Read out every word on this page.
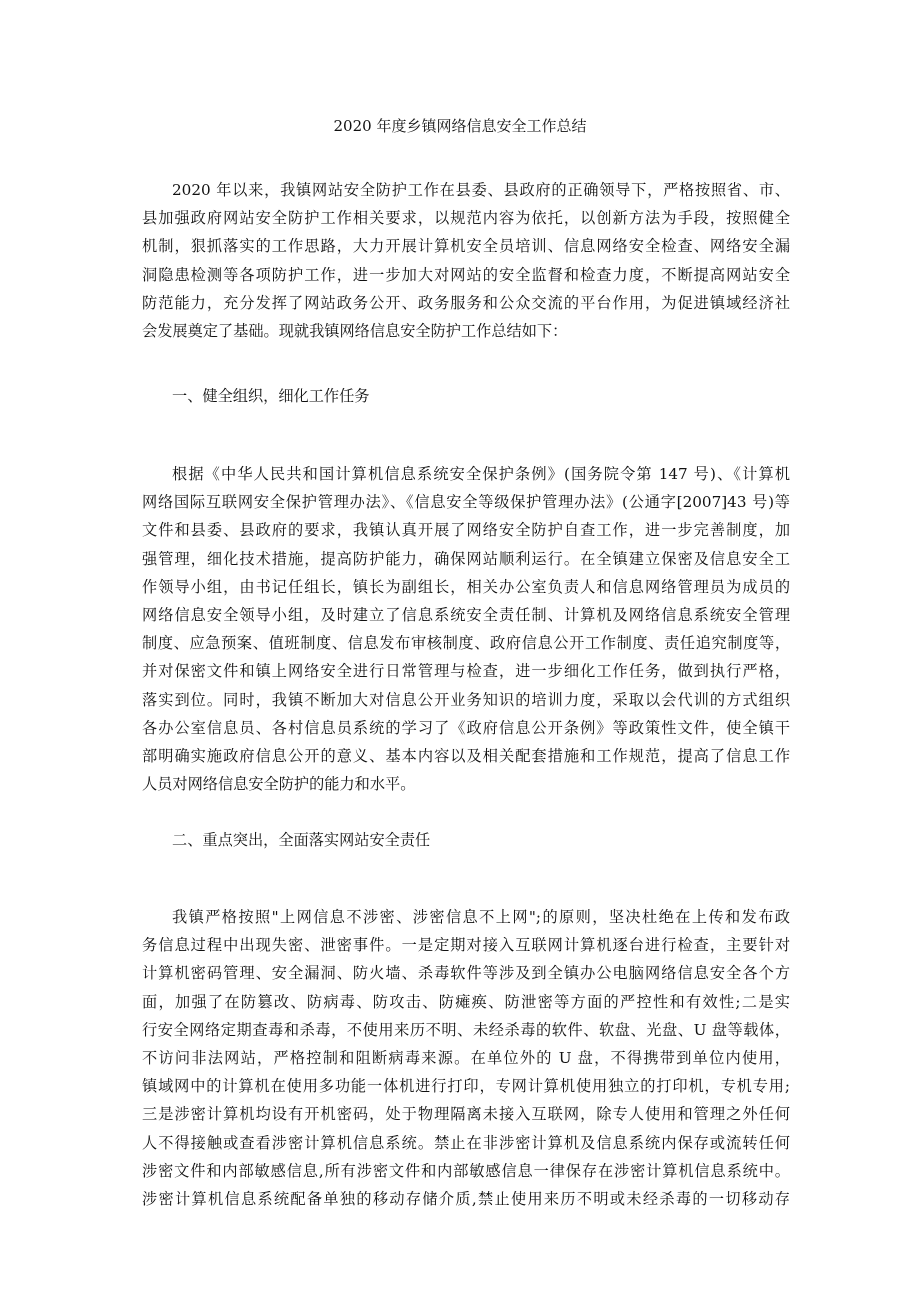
2020 年度乡镇网络信息安全工作总结
2020 年以来，我镇网站安全防护工作在县委、县政府的正确领导下，严格按照省、市、
县加强政府网站安全防护工作相关要求，以规范内容为依托，以创新方法为手段，按照健全
机制，狠抓落实的工作思路，大力开展计算机安全员培训、信息网络安全检查、网络安全漏
洞隐患检测等各项防护工作，进一步加大对网站的安全监督和检查力度，不断提高网站安全
防范能力，充分发挥了网站政务公开、政务服务和公众交流的平台作用，为促进镇域经济社
会发展奠定了基础。现就我镇网络信息安全防护工作总结如下：
一、健全组织，细化工作任务
根据《中华人民共和国计算机信息系统安全保护条例》(国务院令第 147 号)、《计算机
网络国际互联网安全保护管理办法》、《信息安全等级保护管理办法》(公通字[2007]43 号)等
文件和县委、县政府的要求，我镇认真开展了网络安全防护自查工作，进一步完善制度，加
强管理，细化技术措施，提高防护能力，确保网站顺利运行。在全镇建立保密及信息安全工
作领导小组，由书记任组长，镇长为副组长，相关办公室负责人和信息网络管理员为成员的
网络信息安全领导小组，及时建立了信息系统安全责任制、计算机及网络信息系统安全管理
制度、应急预案、值班制度、信息发布审核制度、政府信息公开工作制度、责任追究制度等，
并对保密文件和镇上网络安全进行日常管理与检查，进一步细化工作任务，做到执行严格，
落实到位。同时，我镇不断加大对信息公开业务知识的培训力度，采取以会代训的方式组织
各办公室信息员、各村信息员系统的学习了《政府信息公开条例》等政策性文件，使全镇干
部明确实施政府信息公开的意义、基本内容以及相关配套措施和工作规范，提高了信息工作
人员对网络信息安全防护的能力和水平。
二、重点突出，全面落实网站安全责任
我镇严格按照"上网信息不涉密、涉密信息不上网";的原则，坚决杜绝在上传和发布政
务信息过程中出现失密、泄密事件。一是定期对接入互联网计算机逐台进行检查，主要针对
计算机密码管理、安全漏洞、防火墙、杀毒软件等涉及到全镇办公电脑网络信息安全各个方
面，加强了在防篡改、防病毒、防攻击、防瘫痪、防泄密等方面的严控性和有效性;二是实
行安全网络定期查毒和杀毒，不使用来历不明、未经杀毒的软件、软盘、光盘、U 盘等载体，
不访问非法网站，严格控制和阻断病毒来源。在单位外的 U 盘，不得携带到单位内使用，
镇域网中的计算机在使用多功能一体机进行打印，专网计算机使用独立的打印机，专机专用;
三是涉密计算机均设有开机密码，处于物理隔离未接入互联网，除专人使用和管理之外任何
人不得接触或查看涉密计算机信息系统。禁止在非涉密计算机及信息系统内保存或流转任何
涉密文件和内部敏感信息,所有涉密文件和内部敏感信息一律保存在涉密计算机信息系统中。
涉密计算机信息系统配备单独的移动存储介质,禁止使用来历不明或未经杀毒的一切移动存
